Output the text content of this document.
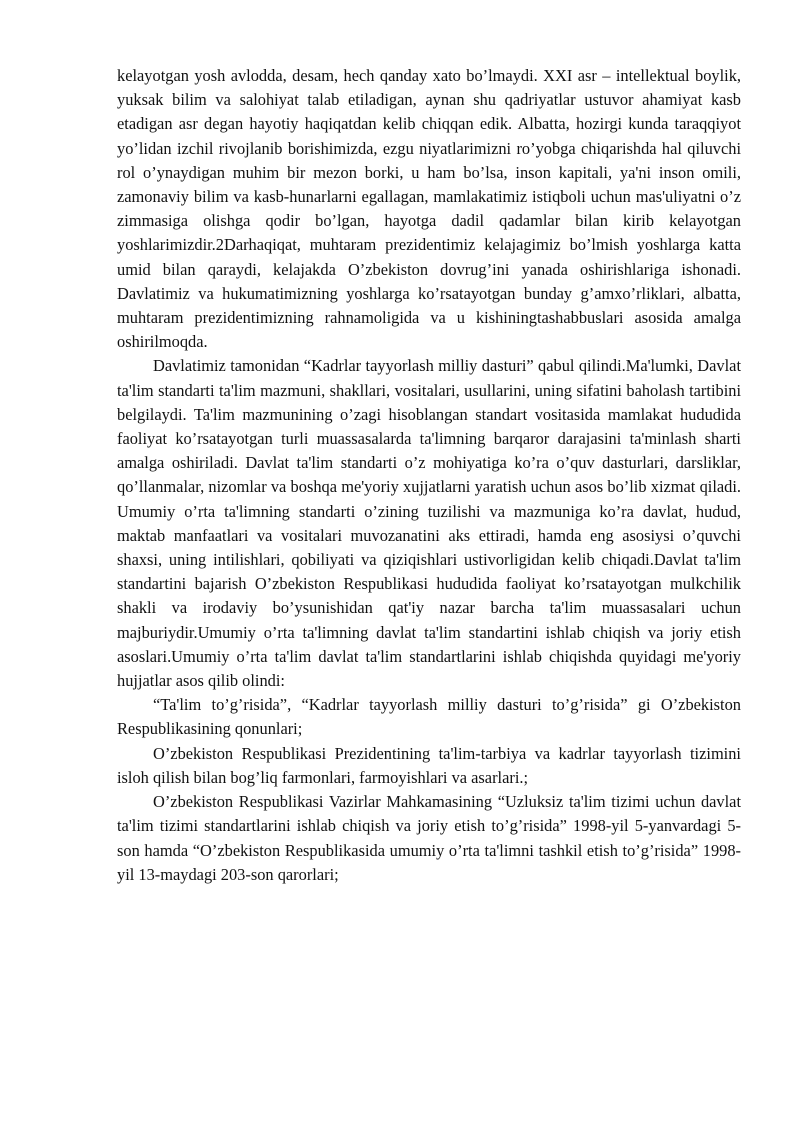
kelayotgan yosh avlodda, desam, hech qanday xato bo’lmaydi. XXI asr – intellektual boylik, yuksak bilim va salohiyat talab etiladigan, aynan shu qadriyatlar ustuvor ahamiyat kasb etadigan asr degan hayotiy haqiqatdan kelib chiqqan edik. Albatta, hozirgi kunda taraqqiyot yo’lidan izchil rivojlanib borishimizda, ezgu niyatlarimizni ro’yobga chiqarishda hal qiluvchi rol o’ynaydigan muhim bir mezon borki, u ham bo’lsa, inson kapitali, ya'ni inson omili, zamonaviy bilim va kasb-hunarlarni egallagan, mamlakatimiz istiqboli uchun mas'uliyatni o’z zimmasiga olishga qodir bo’lgan, hayotga dadil qadamlar bilan kirib kelayotgan yoshlarimizdir.2Darhaqiqat, muhtaram prezidentimiz kelajagimiz bo’lmish yoshlarga katta umid bilan qaraydi, kelajakda O’zbekiston dovrug’ini yanada oshirishlariga ishonadi. Davlatimiz va hukumatimizning yoshlarga ko’rsatayotgan bunday g’amxo’rliklari, albatta, muhtaram prezidentimizning rahnamoligida va u kishiningtashabbuslari asosida amalga oshirilmoqda.

Davlatimiz tamonidan “Kadrlar tayyorlash milliy dasturi” qabul qilindi.Ma'lumki, Davlat ta'lim standarti ta'lim mazmuni, shakllari, vositalari, usullarini, uning sifatini baholash tartibini belgilaydi. Ta'lim mazmunining o’zagi hisoblangan standart vositasida mamlakat hududida faoliyat ko’rsatayotgan turli muassasalarda ta'limning barqaror darajasini ta'minlash sharti amalga oshiriladi. Davlat ta'lim standarti o’z mohiyatiga ko’ra o’quv dasturlari, darsliklar, qo’llanmalar, nizomlar va boshqa me'yoriy xujjatlarni yaratish uchun asos bo’lib xizmat qiladi. Umumiy o’rta ta'limning standarti o’zining tuzilishi va mazmuniga ko’ra davlat, hudud, maktab manfaatlari va vositalari muvozanatini aks ettiradi, hamda eng asosiysi o’quvchi shaxsi, uning intilishlari, qobiliyati va qiziqishlari ustivorligidan kelib chiqadi.Davlat ta'lim standartini bajarish O’zbekiston Respublikasi hududida faoliyat ko’rsatayotgan mulkchilik shakli va irodaviy bo’ysunishidan qat'iy nazar barcha ta'lim muassasalari uchun majburiydir.Umumiy o’rta ta'limning davlat ta'lim standartini ishlab chiqish va joriy etish asoslari.Umumiy o’rta ta'lim davlat ta'lim standartlarini ishlab chiqishda quyidagi me'yoriy hujjatlar asos qilib olindi:

“Ta'lim to’g’risida”, “Kadrlar tayyorlash milliy dasturi to’g’risida” gi O’zbekiston Respublikasining qonunlari;

O’zbekiston Respublikasi Prezidentining ta'lim-tarbiya va kadrlar tayyorlash tizimini isloh qilish bilan bog’liq farmonlari, farmoyishlari va asarlari.;

O’zbekiston Respublikasi Vazirlar Mahkamasining “Uzluksiz ta'lim tizimi uchun davlat ta'lim tizimi standartlarini ishlab chiqish va joriy etish to’g’risida” 1998-yil 5-yanvardagi 5-son hamda “O’zbekiston Respublikasida umumiy o’rta ta'limni tashkil etish to’g’risida” 1998-yil 13-maydagi 203-son qarorlari;
